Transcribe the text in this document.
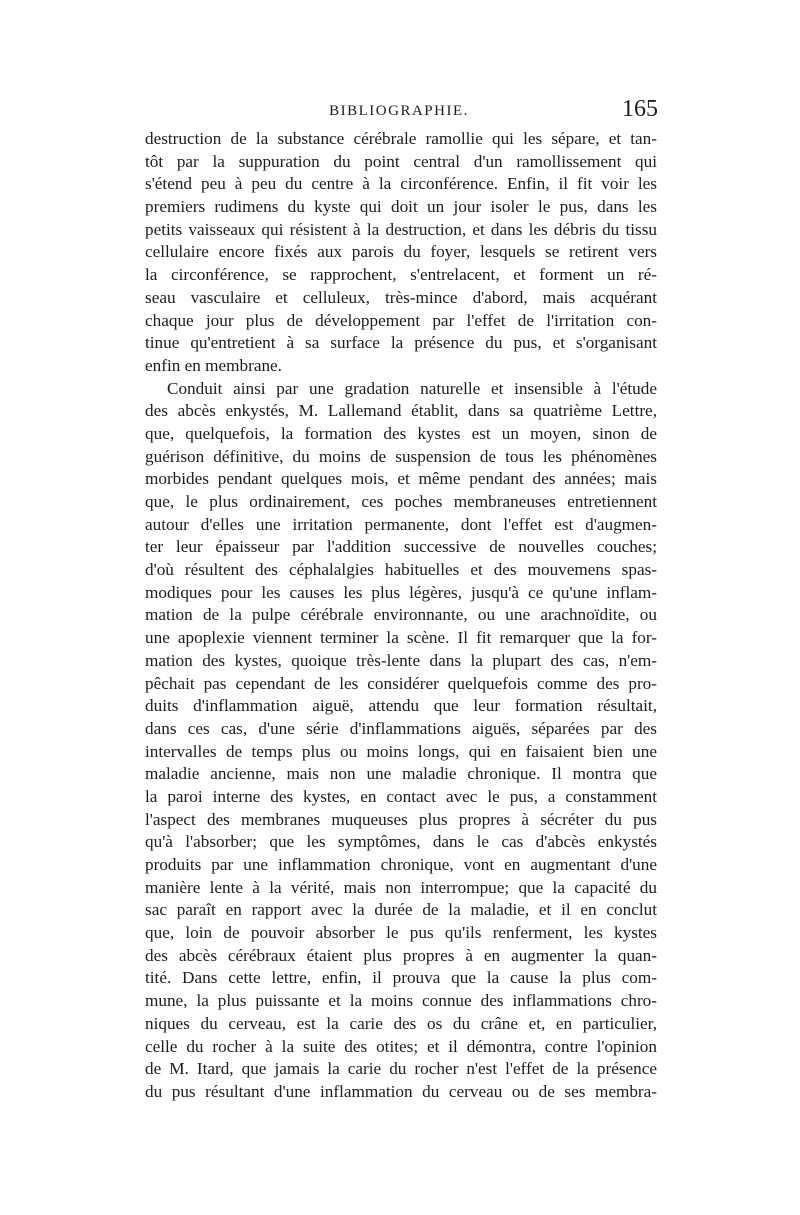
BIBLIOGRAPHIE.	165
destruction de la substance cérébrale ramollie qui les sépare, et tan-
tôt par la suppuration du point central d'un ramollissement qui
s'étend peu à peu du centre à la circonférence. Enfin, il fit voir les
premiers rudimens du kyste qui doit un jour isoler le pus, dans les
petits vaisseaux qui résistent à la destruction, et dans les débris du tissu
cellulaire encore fixés aux parois du foyer, lesquels se retirent vers
la circonférence, se rapprochent, s'entrelacent, et forment un ré-
seau vasculaire et celluleux, très-mince d'abord, mais acquérant
chaque jour plus de développement par l'effet de l'irritation con-
tinue qu'entretient à sa surface la présence du pus, et s'organisant
enfin en membrane.
Conduit ainsi par une gradation naturelle et insensible à l'étude
des abcès enkystés, M. Lallemand établit, dans sa quatrième Lettre,
que, quelquefois, la formation des kystes est un moyen, sinon de
guérison définitive, du moins de suspension de tous les phénomènes
morbides pendant quelques mois, et même pendant des années; mais
que, le plus ordinairement, ces poches membraneuses entretiennent
autour d'elles une irritation permanente, dont l'effet est d'augmen-
ter leur épaisseur par l'addition successive de nouvelles couches;
d'où résultent des céphalalgies habituelles et des mouvemens spas-
modiques pour les causes les plus légères, jusqu'à ce qu'une inflam-
mation de la pulpe cérébrale environnante, ou une arachnoïdite, ou
une apoplexie viennent terminer la scène. Il fit remarquer que la for-
mation des kystes, quoique très-lente dans la plupart des cas, n'em-
pêchait pas cependant de les considérer quelquefois comme des pro-
duits d'inflammation aiguë, attendu que leur formation résultait,
dans ces cas, d'une série d'inflammations aiguës, séparées par des
intervalles de temps plus ou moins longs, qui en faisaient bien une
maladie ancienne, mais non une maladie chronique. Il montra que
la paroi interne des kystes, en contact avec le pus, a constamment
l'aspect des membranes muqueuses plus propres à sécréter du pus
qu'à l'absorber; que les symptômes, dans le cas d'abcès enkystés
produits par une inflammation chronique, vont en augmentant d'une
manière lente à la vérité, mais non interrompue; que la capacité du
sac paraît en rapport avec la durée de la maladie, et il en conclut
que, loin de pouvoir absorber le pus qu'ils renferment, les kystes
des abcès cérébraux étaient plus propres à en augmenter la quan-
tité. Dans cette lettre, enfin, il prouva que la cause la plus com-
mune, la plus puissante et la moins connue des inflammations chro-
niques du cerveau, est la carie des os du crâne et, en particulier,
celle du rocher à la suite des otites; et il démontra, contre l'opinion
de M. Itard, que jamais la carie du rocher n'est l'effet de la présence
du pus résultant d'une inflammation du cerveau ou de ses membra-
